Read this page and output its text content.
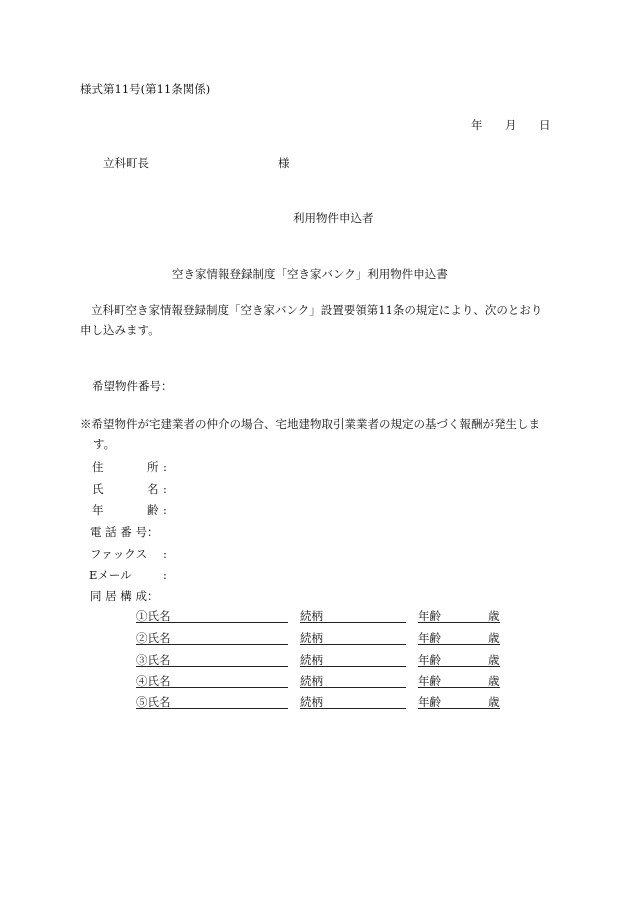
様式第11号(第11条関係)
年 月 日
立科町長	様
利用物件申込者
空き家情報登録制度「空き家バンク」利用物件申込書
立科町空き家情報登録制度「空き家バンク」設置要領第11条の規定により、次のとおり
申し込みます。
希望物件番号：
※希望物件が宅建業者の仲介の場合、宅地建物取引業業者の規定の基づく報酬が発生しま
す。
住	所 :
氏	名 :
年	齢 :
電 話 番 号：
ファックス :
Eメール	:
同 居 構 成：
①氏名	続柄	年齢	歳
②氏名	続柄	年齢	歳
③氏名	続柄	年齢	歳
④氏名	続柄	年齢	歳
⑤氏名	続柄	年齢	歳
